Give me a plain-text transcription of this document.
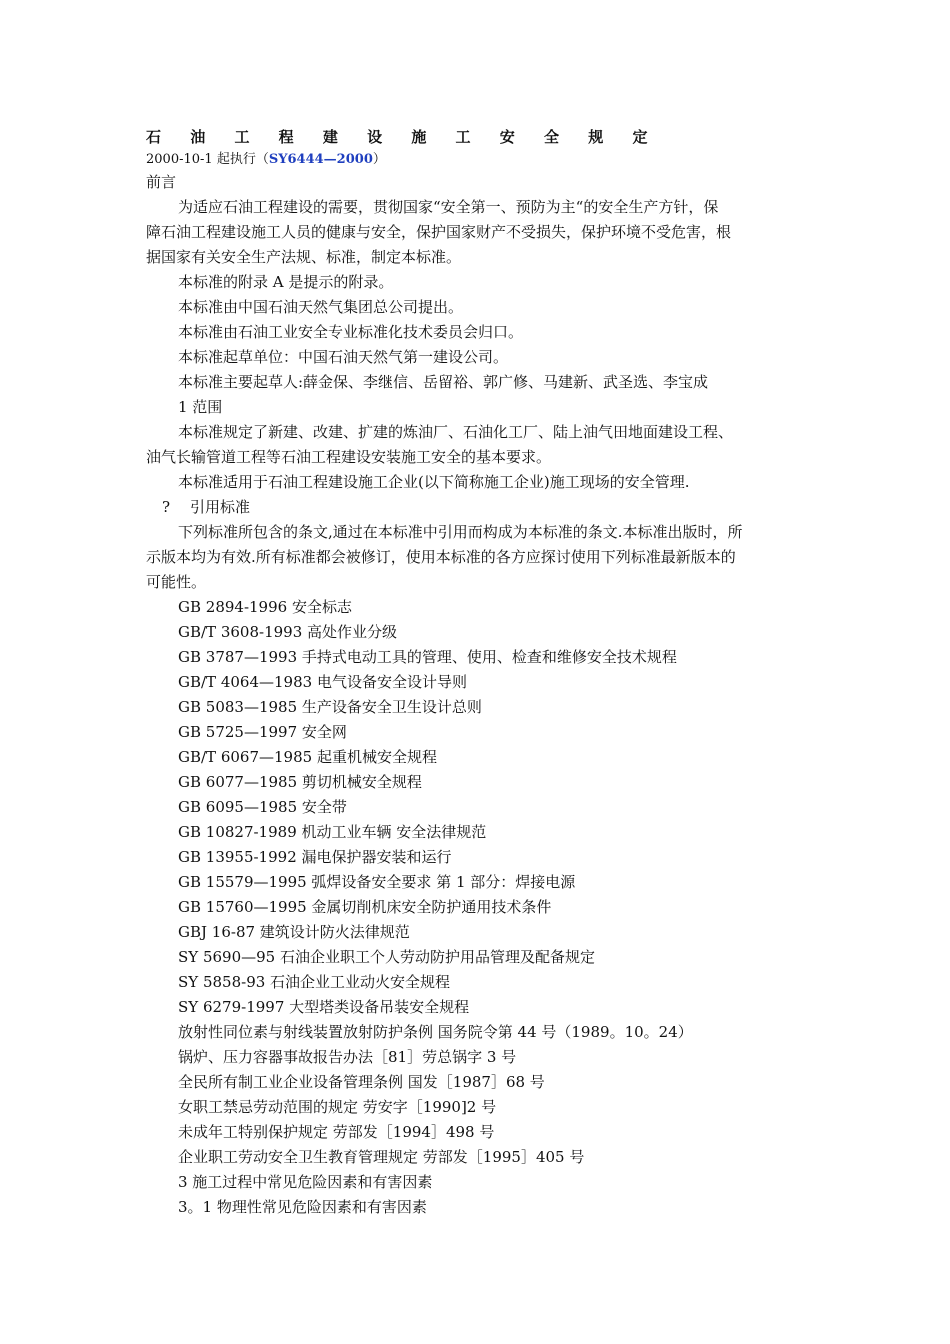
石 油 工 程 建 设 施 工 安 全 规 定
2000-10-1 起执行（SY6444—2000）
前言
为适应石油工程建设的需要，贯彻国家“安全第一、预防为主“的安全生产方针，保
障石油工程建设施工人员的健康与安全，保护国家财产不受损失，保护环境不受危害，根
据国家有关安全生产法规、标准，制定本标准。
本标准的附录 A 是提示的附录。
本标准由中国石油天然气集团总公司提出。
本标准由石油工业安全专业标准化技术委员会归口。
本标准起草单位：中国石油天然气第一建设公司。
本标准主要起草人:薛金保、李继信、岳留裕、郭广修、马建新、武圣选、李宝成
1 范围
本标准规定了新建、改建、扩建的炼油厂、石油化工厂、陆上油气田地面建设工程、
油气长输管道工程等石油工程建设安装施工安全的基本要求。
本标准适用于石油工程建设施工企业(以下简称施工企业)施工现场的安全管理.
? 引用标准
下列标准所包含的条文,通过在本标准中引用而构成为本标准的条文.本标准出版时，所
示版本均为有效.所有标准都会被修订，使用本标准的各方应探讨使用下列标准最新版本的
可能性。
GB 2894-1996 安全标志
GB/T 3608-1993 高处作业分级
GB 3787—1993 手持式电动工具的管理、使用、检查和维修安全技术规程
GB/T 4064—1983 电气设备安全设计导则
GB 5083—1985 生产设备安全卫生设计总则
GB 5725—1997 安全网
GB/T 6067—1985 起重机械安全规程
GB 6077—1985 剪切机械安全规程
GB 6095—1985 安全带
GB 10827-1989 机动工业车辆 安全法律规范
GB 13955-1992 漏电保护器安装和运行
GB 15579—1995 弧焊设备安全要求 第 1 部分：焊接电源
GB 15760—1995 金属切削机床安全防护通用技术条件
GBJ 16-87 建筑设计防火法律规范
SY 5690—95 石油企业职工个人劳动防护用品管理及配备规定
SY 5858-93 石油企业工业动火安全规程
SY 6279-1997 大型塔类设备吊装安全规程
放射性同位素与射线装置放射防护条例 国务院令第 44 号（1989。10。24）
锅炉、压力容器事故报告办法［81］劳总锅字 3 号
全民所有制工业企业设备管理条例 国发［1987］68 号
女职工禁忌劳动范围的规定 劳安字［1990]2 号
未成年工特别保护规定 劳部发［1994］498 号
企业职工劳动安全卫生教育管理规定 劳部发［1995］405 号
3 施工过程中常见危险因素和有害因素
3。1 物理性常见危险因素和有害因素
